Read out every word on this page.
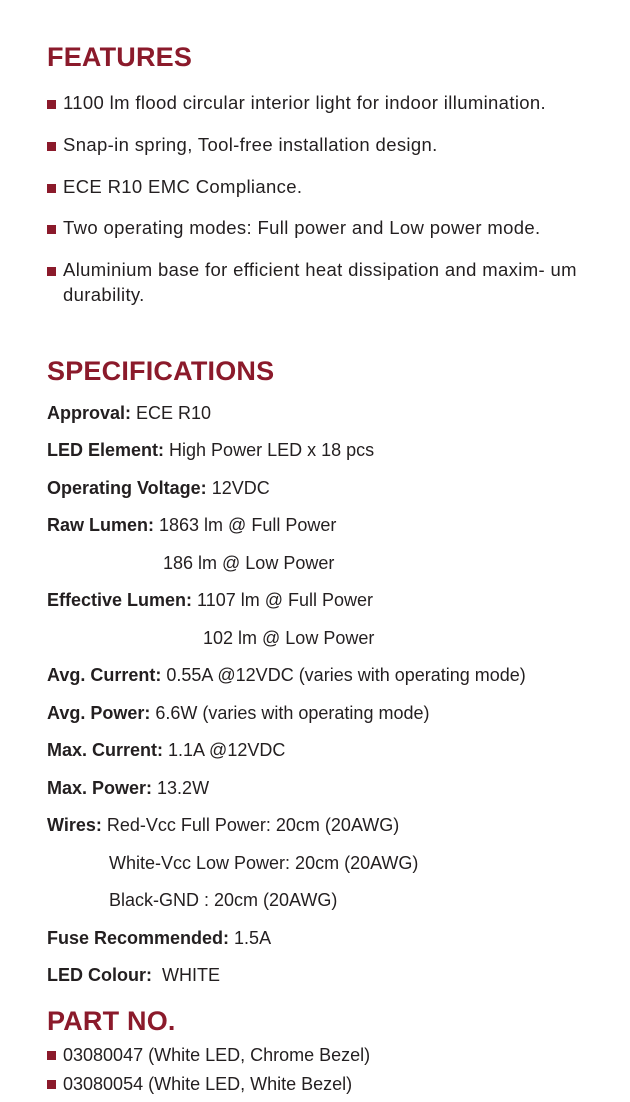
FEATURES
1100 lm flood circular interior light for indoor illumination.
Snap-in spring, Tool-free installation design.
ECE R10 EMC Compliance.
Two operating modes: Full power and Low power mode.
Aluminium base for efficient heat dissipation and maxim- um durability.
SPECIFICATIONS
Approval: ECE R10
LED Element: High Power LED x 18 pcs
Operating Voltage: 12VDC
Raw Lumen: 1863 lm @ Full Power
186 lm @ Low Power
Effective Lumen: 1107 lm @ Full Power
102 lm @ Low Power
Avg. Current: 0.55A @12VDC (varies with operating mode)
Avg. Power: 6.6W (varies with operating mode)
Max. Current: 1.1A @12VDC
Max. Power: 13.2W
Wires: Red-Vcc Full Power: 20cm (20AWG)
White-Vcc Low Power: 20cm (20AWG)
Black-GND : 20cm (20AWG)
Fuse Recommended: 1.5A
LED Colour:  WHITE
PART NO.
03080047 (White LED, Chrome Bezel)
03080054 (White LED, White Bezel)
